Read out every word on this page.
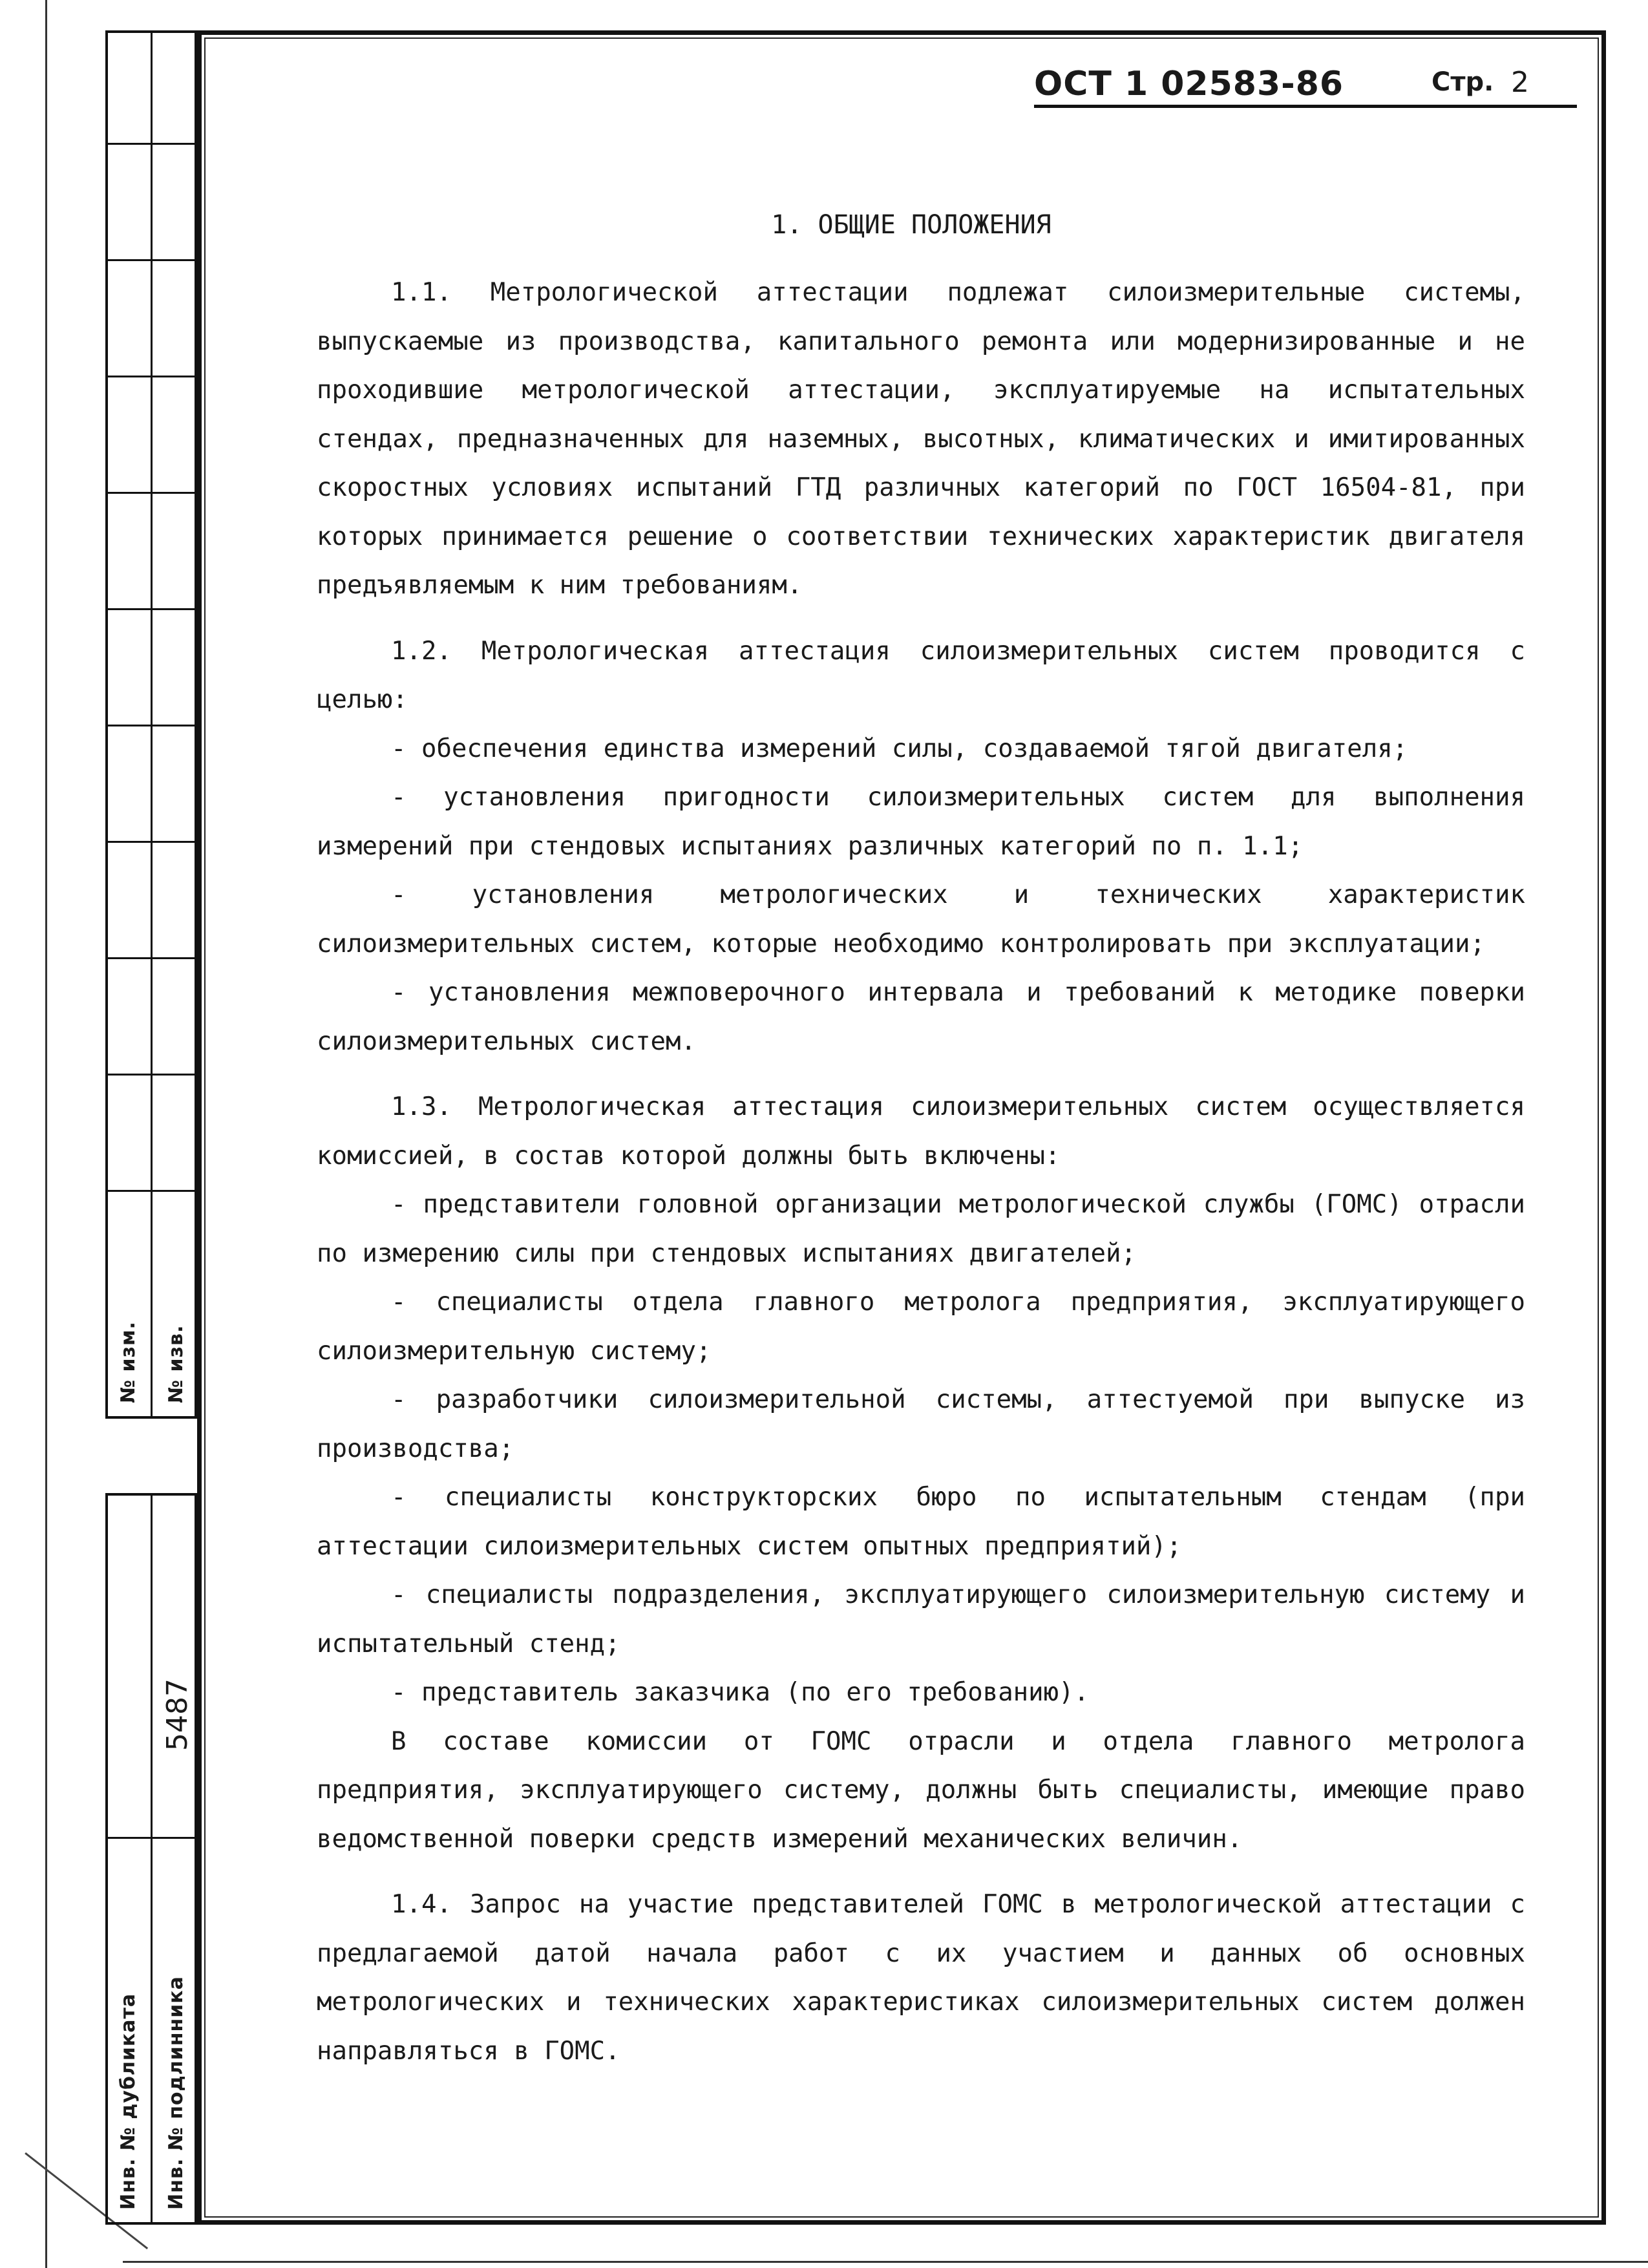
№ изм. № изв.
Инв. № дубликата Инв. № подлинника
5487
ОСТ 1 02583-86	Стр. 2
1. ОБЩИЕ ПОЛОЖЕНИЯ

1.1. Метрологической аттестации подлежат силоизмерительные системы, выпускаемые из производства, капитального ремонта или модернизированные и не проходившие метрологической аттестации, эксплуатируемые на испытательных стендах, предназначенных для наземных, высотных, климатических и имитированных скоростных условиях испытаний ГТД различных категорий по ГОСТ 16504-81, при которых принимается решение о соответствии технических характеристик двигателя предъявляемым к ним требованиям.

1.2. Метрологическая аттестация силоизмерительных систем проводится с целью:

- обеспечения единства измерений силы, создаваемой тягой двигателя;

- установления пригодности силоизмерительных систем для выполнения измерений при стендовых испытаниях различных категорий по п. 1.1;

- установления метрологических и технических характеристик силоизмерительных систем, которые необходимо контролировать при эксплуатации;

- установления межповерочного интервала и требований к методике поверки силоизмерительных систем.

1.3. Метрологическая аттестация силоизмерительных систем осуществляется комиссией, в состав которой должны быть включены:

- представители головной организации метрологической службы (ГОМС) отрасли по измерению силы при стендовых испытаниях двигателей;

- специалисты отдела главного метролога предприятия, эксплуатирующего силоизмерительную систему;

- разработчики силоизмерительной системы, аттестуемой при выпуске из производства;

- специалисты конструкторских бюро по испытательным стендам (при аттестации силоизмерительных систем опытных предприятий);

- специалисты подразделения, эксплуатирующего силоизмерительную систему и испытательный стенд;

- представитель заказчика (по его требованию).

В составе комиссии от ГОМС отрасли и отдела главного метролога предприятия, эксплуатирующего систему, должны быть специалисты, имеющие право ведомственной поверки средств измерений механических величин.

1.4. Запрос на участие представителей ГОМС в метрологической аттестации с предлагаемой датой начала работ с их участием и данных об основных метрологических и технических характеристиках силоизмерительных систем должен направляться в ГОМС.
